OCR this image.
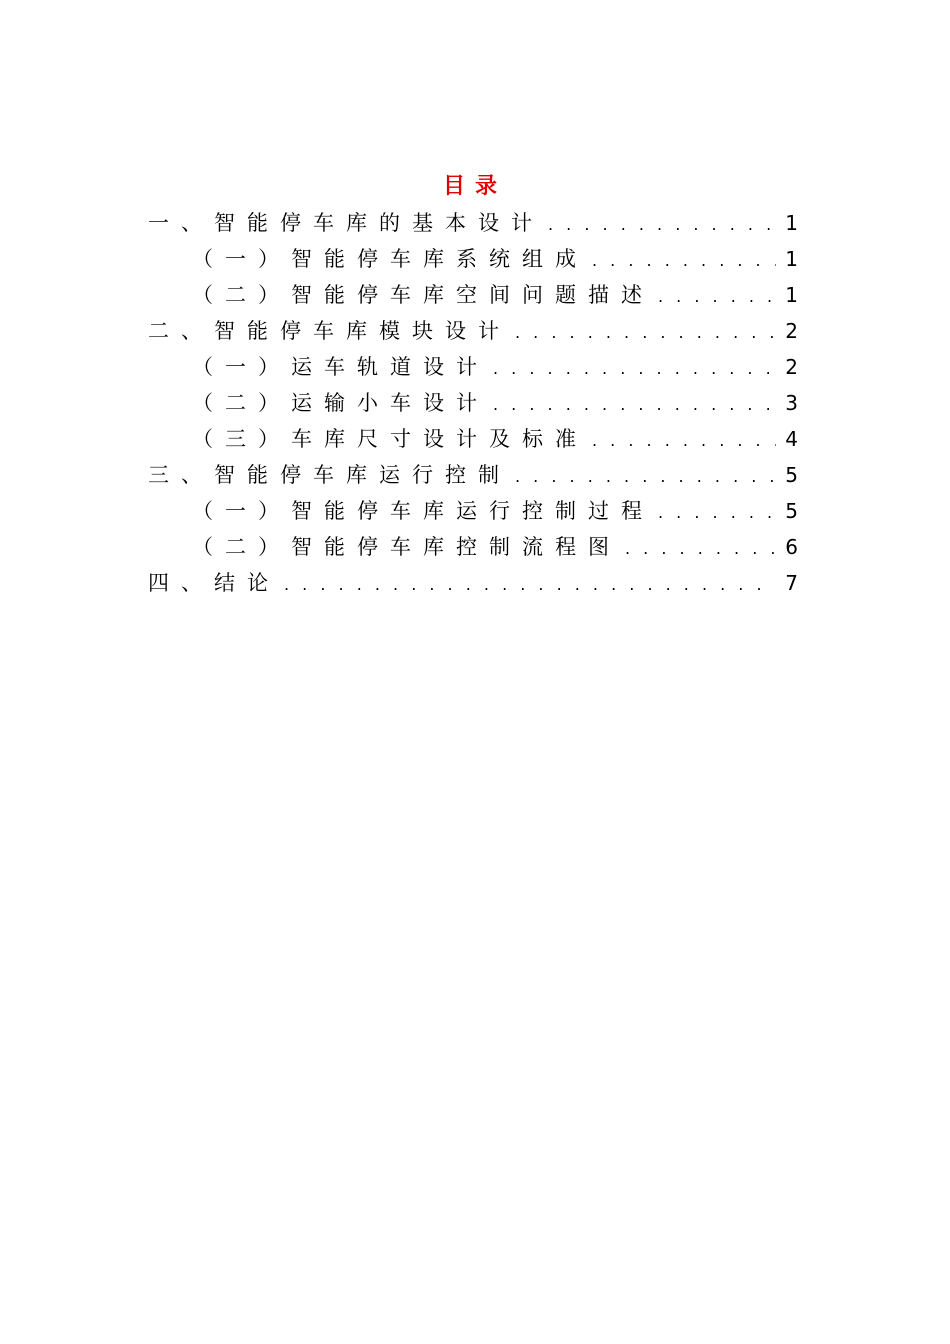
目录
一、智能停车库的基本设计 . . .	1
（一）智能停车库系统组成 . . .	1
（二）智能停车库空间问题描述 . . .	1
二、智能停车库模块设计 . . .	2
（一）运车轨道设计 . . .	2
（二）运输小车设计 . . .	3
（三）车库尺寸设计及标准 . . .	4
三、智能停车库运行控制 . . .	5
（一）智能停车库运行控制过程 . . .	5
（二）智能停车库控制流程图 . . .	6
四、结论 . . .	7
